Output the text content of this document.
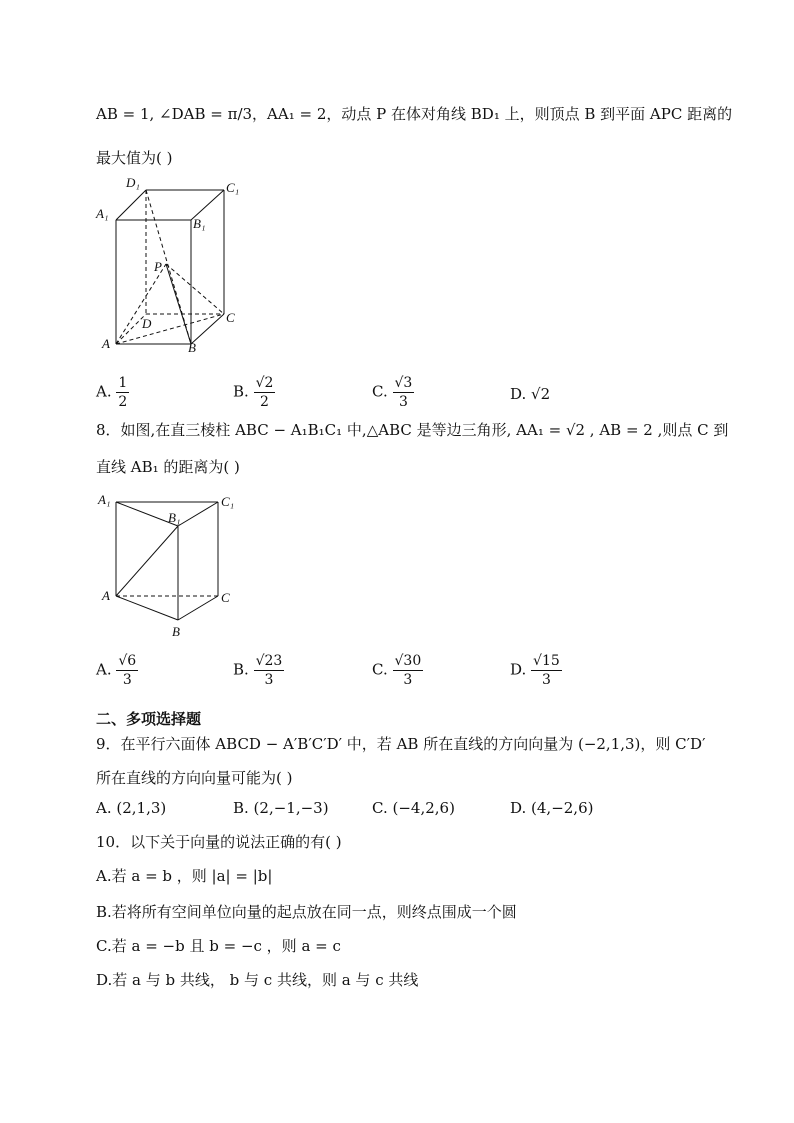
AB = 1, ∠DAB = π/3，AA₁ = 2，动点 P 在体对角线 BD₁ 上，则顶点 B 到平面 APC 距离的
最大值为( )
D₁	C₁
A₁
B₁
P
D	C
A	B
A. $\frac{1}{2}$	B. $\frac{√2}{2}$	C. $\frac{√3}{3}$	D. √2
8．如图,在直三棱柱 ABC − A₁B₁C₁ 中,△ABC 是等边三角形, AA₁ = √2 , AB = 2 ,则点 C 到
直线 AB₁ 的距离为( )
A₁	C₁
B₁
A	C
B
A. $\frac{√6}{3}$	B. $\frac{√23}{3}$	C. $\frac{√30}{3}$	D. $\frac{√15}{3}$
二、多项选择题
9．在平行六面体 ABCD − A′B′C′D′ 中，若 AB 所在直线的方向向量为 (−2,1,3)，则 C′D′
所在直线的方向向量可能为( )
A. (2,1,3)	B. (2,−1,−3)	C. (−4,2,6)	D. (4,−2,6)
10．以下关于向量的说法正确的有( )
A.若 a = b ，则 |a| = |b|
B.若将所有空间单位向量的起点放在同一点，则终点围成一个圆
C.若 a = −b 且 b = −c ，则 a = c
D.若 a 与 b 共线， b 与 c 共线，则 a 与 c 共线
